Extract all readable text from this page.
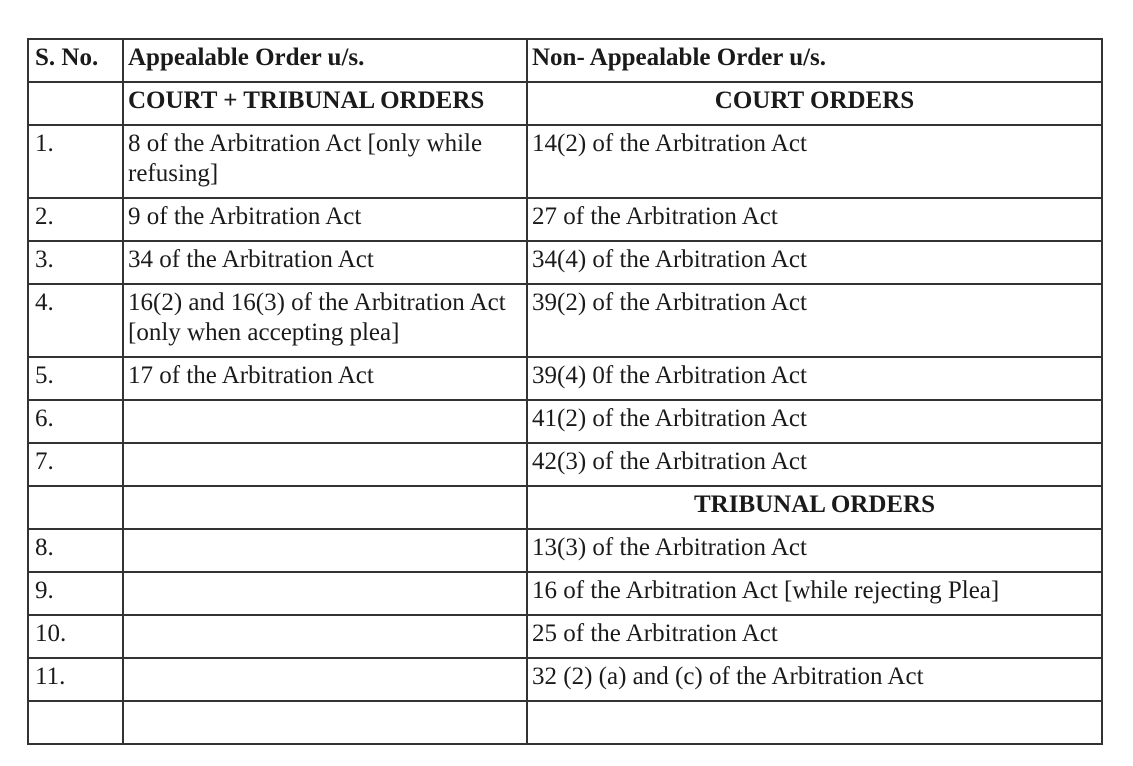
S. No.	Appealable Order u/s.	Non- Appealable Order u/s.
	COURT + TRIBUNAL ORDERS	COURT ORDERS
1.	8 of the Arbitration Act [only while refusing]	14(2) of the Arbitration Act
2.	9 of the Arbitration Act	27 of the Arbitration Act
3.	34 of the Arbitration Act	34(4) of the Arbitration Act
4.	16(2) and 16(3) of the Arbitration Act [only when accepting plea]	39(2) of the Arbitration Act
5.	17 of the Arbitration Act	39(4) 0f the Arbitration Act
6.		41(2) of the Arbitration Act
7.		42(3) of the Arbitration Act
		TRIBUNAL ORDERS
8.		13(3) of the Arbitration Act
9.		16 of the Arbitration Act [while rejecting Plea]
10.		25 of the Arbitration Act
11.		32 (2) (a) and (c) of the Arbitration Act
